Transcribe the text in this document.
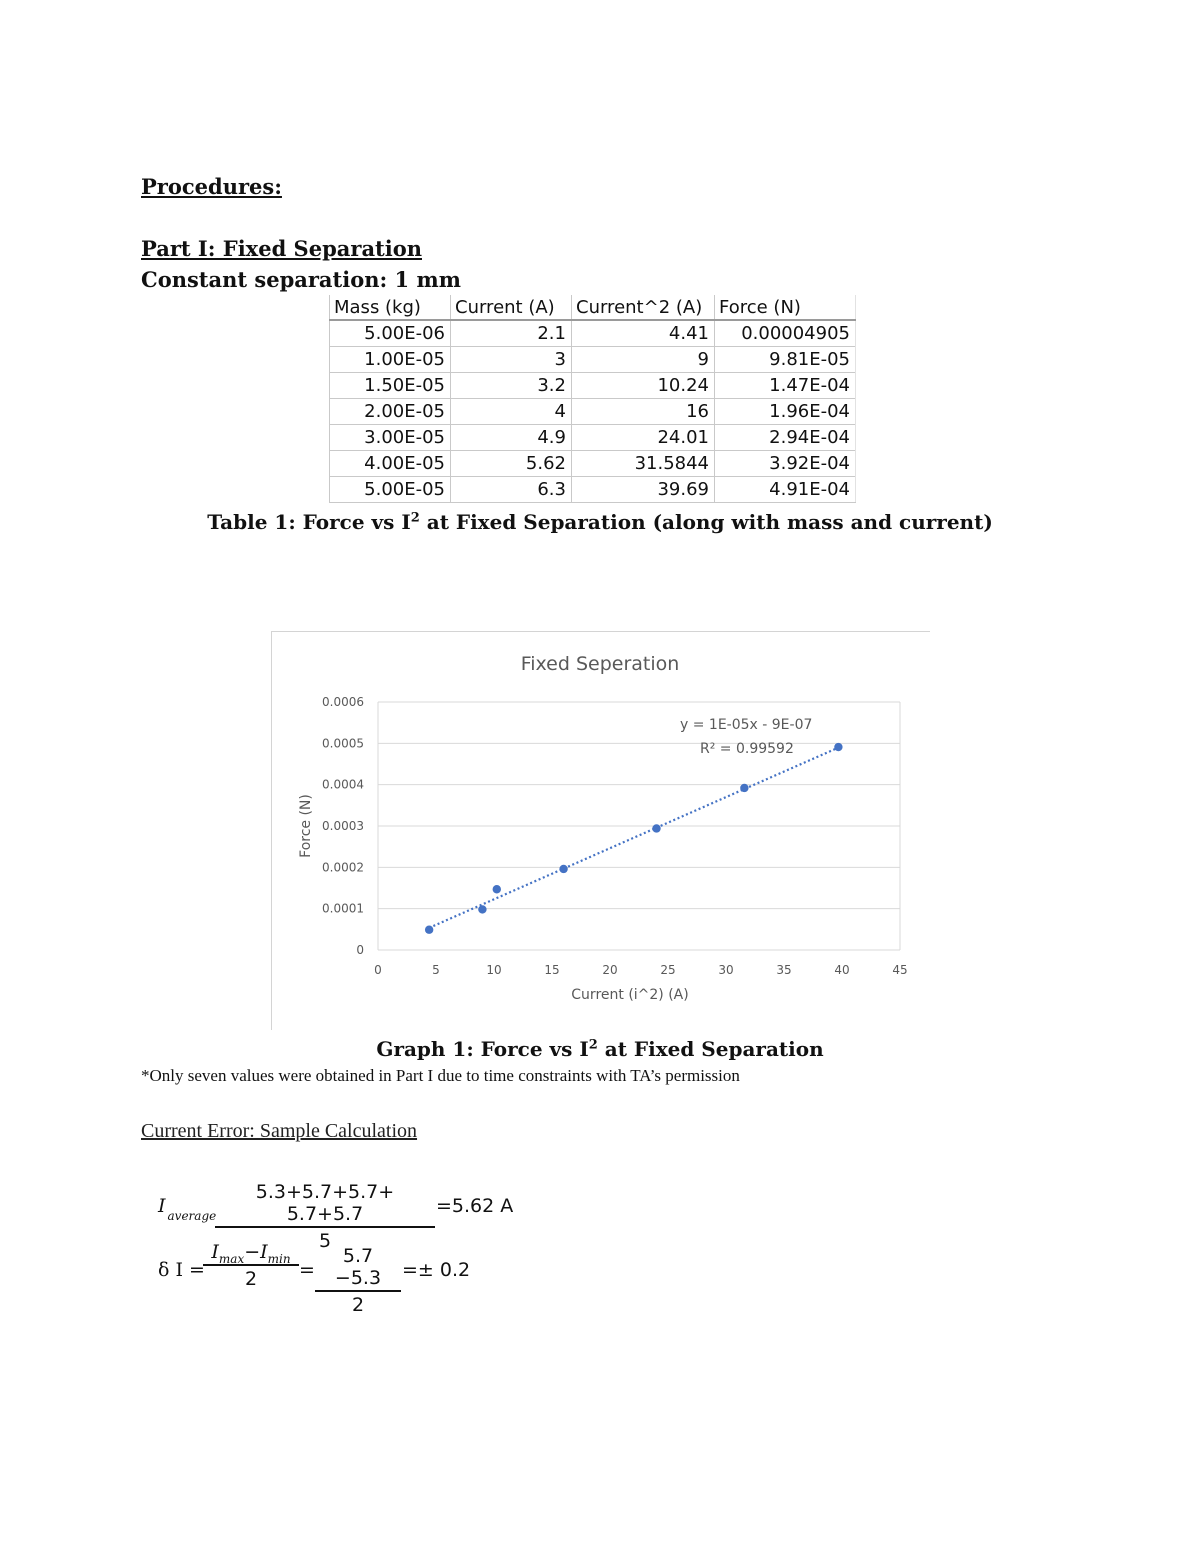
Procedures:
Part I: Fixed Separation
Constant separation: 1 mm
Mass (kg)	Current (A)	Current^2 (A)	Force (N)
5.00E-06	2.1	4.41	0.00004905
1.00E-05	3	9	9.81E-05
1.50E-05	3.2	10.24	1.47E-04
2.00E-05	4	16	1.96E-04
3.00E-05	4.9	24.01	2.94E-04
4.00E-05	5.62	31.5844	3.92E-04
5.00E-05	6.3	39.69	4.91E-04
Table 1: Force vs $I^2$ at Fixed Separation (along with mass and current)
0
0.0001
0.0002
0.0003
0.0004
0.0005
0.0006
0	5	10	15	20	25	30	35	40	45
Fixed Seperation
Current (i^2) (A)
Force (N)
y = 1E-05x - 9E-07
R² = 0.99592
Graph 1: Force vs $I^2$ at Fixed Separation
*Only seven values were obtained in Part I due to time constraints with TA’s permission
Current Error: Sample Calculation
I $_{average}$
$\frac{5.3+5.7+5.7+ 5.7+5.7}{5} =5.62$ A
δ I =
$I_{max}-I_{min}$
2	= $\frac{5.7 -5.3}{2} =\pm 0.2$
